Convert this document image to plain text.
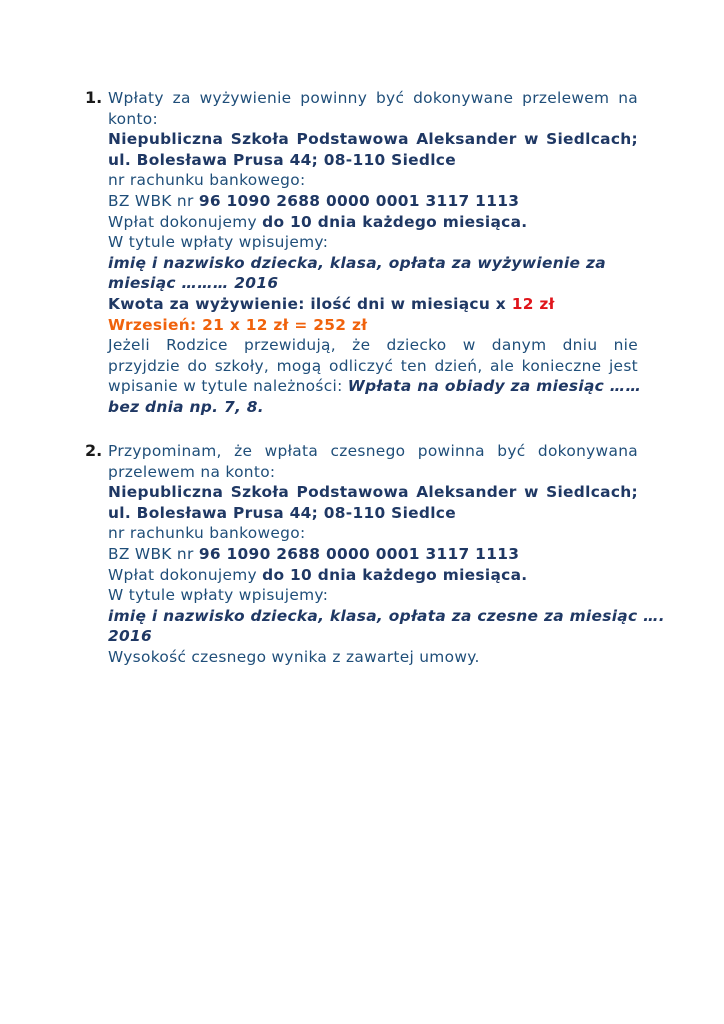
1. Wpłaty za wyżywienie powinny być dokonywane przelewem na
konto:
Niepubliczna Szkoła Podstawowa Aleksander w Siedlcach;
ul. Bolesława Prusa 44; 08-110 Siedlce
nr rachunku bankowego:
BZ WBK nr 96 1090 2688 0000 0001 3117 1113
Wpłat dokonujemy do 10 dnia każdego miesiąca.
W tytule wpłaty wpisujemy:
imię i nazwisko dziecka, klasa, opłata za wyżywienie za
miesiąc ……… 2016
Kwota za wyżywienie: ilość dni w miesiącu x 12 zł
Wrzesień: 21 x 12 zł = 252 zł
Jeżeli Rodzice przewidują, że dziecko w danym dniu nie
przyjdzie do szkoły, mogą odliczyć ten dzień, ale konieczne jest
wpisanie w tytule należności: Wpłata na obiady za miesiąc ……
bez dnia np. 7, 8.
2. Przypominam, że wpłata czesnego powinna być dokonywana
przelewem na konto:
Niepubliczna Szkoła Podstawowa Aleksander w Siedlcach;
ul. Bolesława Prusa 44; 08-110 Siedlce
nr rachunku bankowego:
BZ WBK nr 96 1090 2688 0000 0001 3117 1113
Wpłat dokonujemy do 10 dnia każdego miesiąca.
W tytule wpłaty wpisujemy:
imię i nazwisko dziecka, klasa, opłata za czesne za miesiąc ….
2016
Wysokość czesnego wynika z zawartej umowy.
